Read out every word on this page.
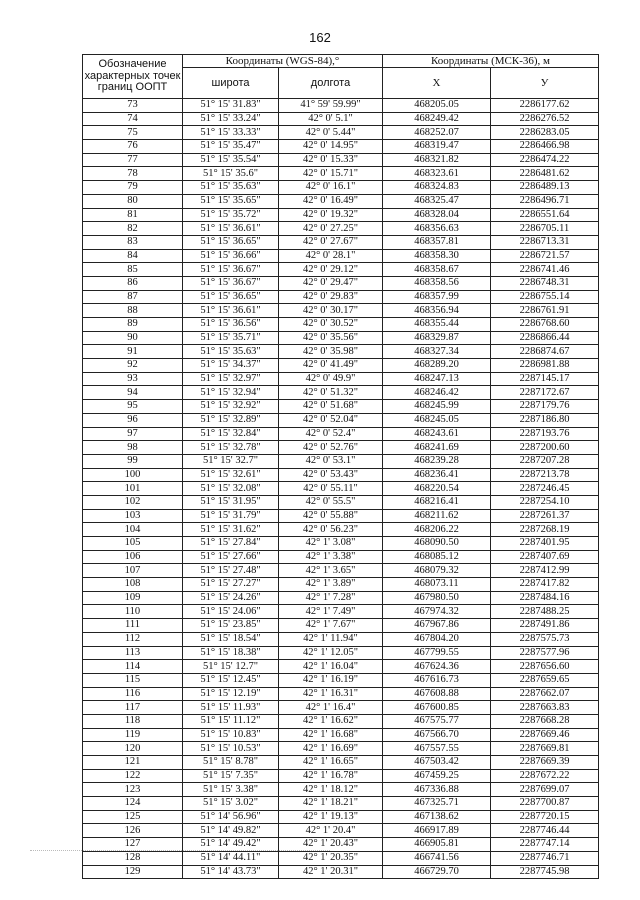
162
Обозначение характерных точек границ ООПТ	Координаты (WGS-84),°		Координаты (МСК-36), м	
	широта	долгота	X	У
73	51° 15' 31.83"	41° 59' 59.99"	468205.05	2286177.62
74	51° 15' 33.24"	42° 0' 5.1"	468249.42	2286276.52
75	51° 15' 33.33"	42° 0' 5.44"	468252.07	2286283.05
76	51° 15' 35.47"	42° 0' 14.95"	468319.47	2286466.98
77	51° 15' 35.54"	42° 0' 15.33"	468321.82	2286474.22
78	51° 15' 35.6"	42° 0' 15.71"	468323.61	2286481.62
79	51° 15' 35.63"	42° 0' 16.1"	468324.83	2286489.13
80	51° 15' 35.65"	42° 0' 16.49"	468325.47	2286496.71
81	51° 15' 35.72"	42° 0' 19.32"	468328.04	2286551.64
82	51° 15' 36.61"	42° 0' 27.25"	468356.63	2286705.11
83	51° 15' 36.65"	42° 0' 27.67"	468357.81	2286713.31
84	51° 15' 36.66"	42° 0' 28.1"	468358.30	2286721.57
85	51° 15' 36.67"	42° 0' 29.12"	468358.67	2286741.46
86	51° 15' 36.67"	42° 0' 29.47"	468358.56	2286748.31
87	51° 15' 36.65"	42° 0' 29.83"	468357.99	2286755.14
88	51° 15' 36.61"	42° 0' 30.17"	468356.94	2286761.91
89	51° 15' 36.56"	42° 0' 30.52"	468355.44	2286768.60
90	51° 15' 35.71"	42° 0' 35.56"	468329.87	2286866.44
91	51° 15' 35.63"	42° 0' 35.98"	468327.34	2286874.67
92	51° 15' 34.37"	42° 0' 41.49"	468289.20	2286981.88
93	51° 15' 32.97"	42° 0' 49.9"	468247.13	2287145.17
94	51° 15' 32.94"	42° 0' 51.32"	468246.42	2287172.67
95	51° 15' 32.92"	42° 0' 51.68"	468245.99	2287179.76
96	51° 15' 32.89"	42° 0' 52.04"	468245.05	2287186.80
97	51° 15' 32.84"	42° 0' 52.4"	468243.61	2287193.76
98	51° 15' 32.78"	42° 0' 52.76"	468241.69	2287200.60
99	51° 15' 32.7"	42° 0' 53.1"	468239.28	2287207.28
100	51° 15' 32.61"	42° 0' 53.43"	468236.41	2287213.78
101	51° 15' 32.08"	42° 0' 55.11"	468220.54	2287246.45
102	51° 15' 31.95"	42° 0' 55.5"	468216.41	2287254.10
103	51° 15' 31.79"	42° 0' 55.88"	468211.62	2287261.37
104	51° 15' 31.62"	42° 0' 56.23"	468206.22	2287268.19
105	51° 15' 27.84"	42° 1' 3.08"	468090.50	2287401.95
106	51° 15' 27.66"	42° 1' 3.38"	468085.12	2287407.69
107	51° 15' 27.48"	42° 1' 3.65"	468079.32	2287412.99
108	51° 15' 27.27"	42° 1' 3.89"	468073.11	2287417.82
109	51° 15' 24.26"	42° 1' 7.28"	467980.50	2287484.16
110	51° 15' 24.06"	42° 1' 7.49"	467974.32	2287488.25
111	51° 15' 23.85"	42° 1' 7.67"	467967.86	2287491.86
112	51° 15' 18.54"	42° 1' 11.94"	467804.20	2287575.73
113	51° 15' 18.38"	42° 1' 12.05"	467799.55	2287577.96
114	51° 15' 12.7"	42° 1' 16.04"	467624.36	2287656.60
115	51° 15' 12.45"	42° 1' 16.19"	467616.73	2287659.65
116	51° 15' 12.19"	42° 1' 16.31"	467608.88	2287662.07
117	51° 15' 11.93"	42° 1' 16.4"	467600.85	2287663.83
118	51° 15' 11.12"	42° 1' 16.62"	467575.77	2287668.28
119	51° 15' 10.83"	42° 1' 16.68"	467566.70	2287669.46
120	51° 15' 10.53"	42° 1' 16.69"	467557.55	2287669.81
121	51° 15' 8.78"	42° 1' 16.65"	467503.42	2287669.39
122	51° 15' 7.35"	42° 1' 16.78"	467459.25	2287672.22
123	51° 15' 3.38"	42° 1' 18.12"	467336.88	2287699.07
124	51° 15' 3.02"	42° 1' 18.21"	467325.71	2287700.87
125	51° 14' 56.96"	42° 1' 19.13"	467138.62	2287720.15
126	51° 14' 49.82"	42° 1' 20.4"	466917.89	2287746.44
127	51° 14' 49.42"	42° 1' 20.43"	466905.81	2287747.14
128	51° 14' 44.11"	42° 1' 20.35"	466741.56	2287746.71
129	51° 14' 43.73"	42° 1' 20.31"	466729.70	2287745.98
